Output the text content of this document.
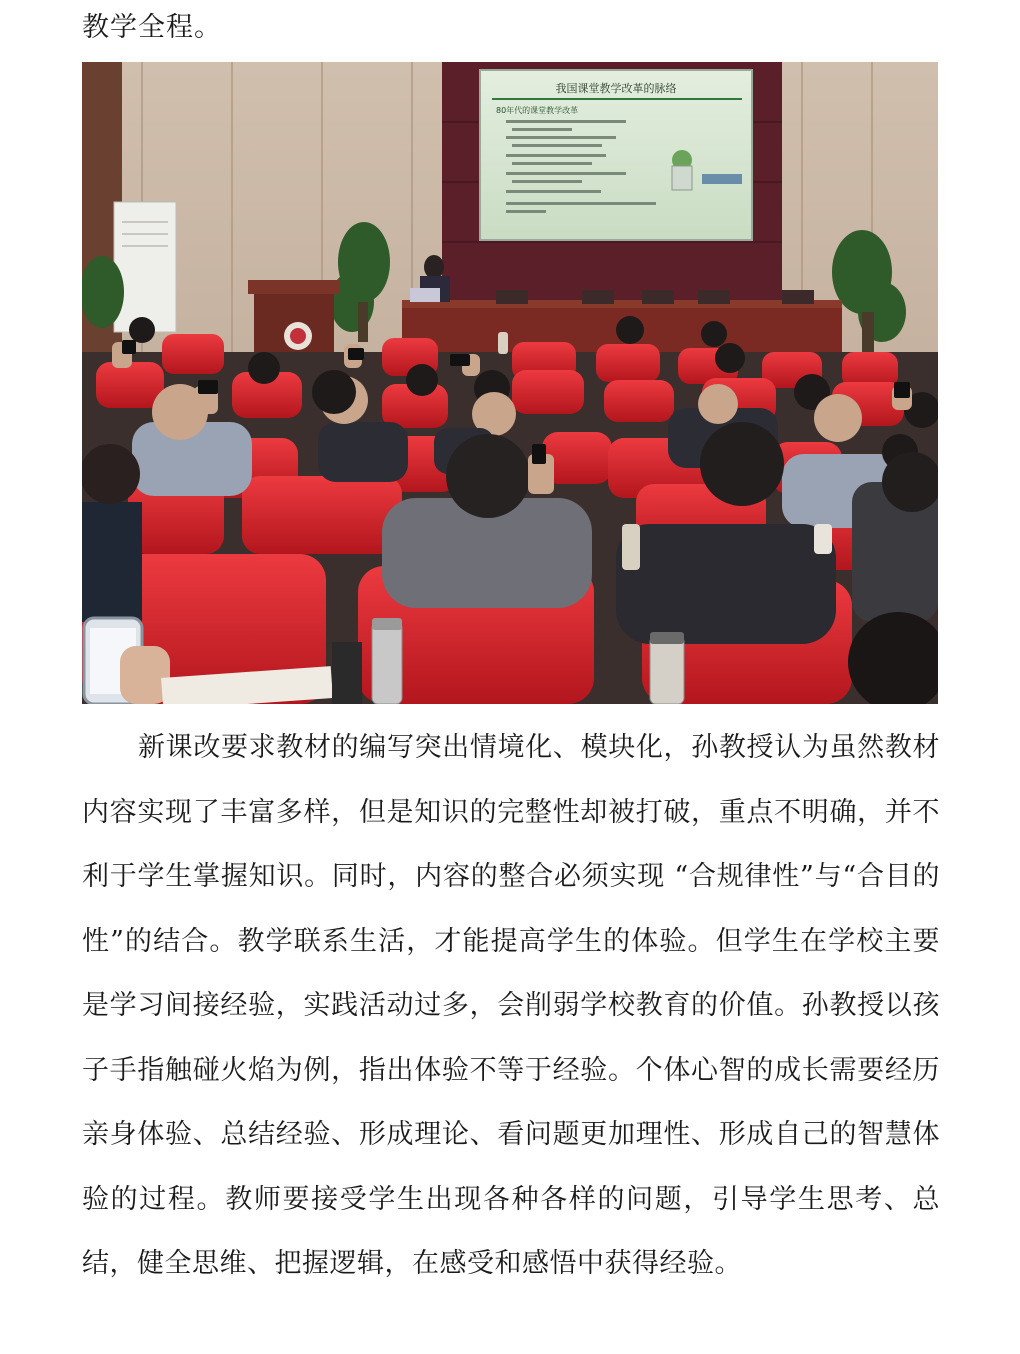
教学全程。

我国课堂教学改革的脉络
80年代的课堂教学改革

新课改要求教材的编写突出情境化、模块化，孙教授认为虽然教材内容实现了丰富多样，但是知识的完整性却被打破，重点不明确，并不利于学生掌握知识。同时，内容的整合必须实现 “合规律性”与“合目的性”的结合。教学联系生活，才能提高学生的体验。但学生在学校主要是学习间接经验，实践活动过多，会削弱学校教育的价值。孙教授以孩子手指触碰火焰为例，指出体验不等于经验。个体心智的成长需要经历亲身体验、总结经验、形成理论、看问题更加理性、形成自己的智慧体验的过程。教师要接受学生出现各种各样的问题，引导学生思考、总结，健全思维、把握逻辑，在感受和感悟中获得经验。
